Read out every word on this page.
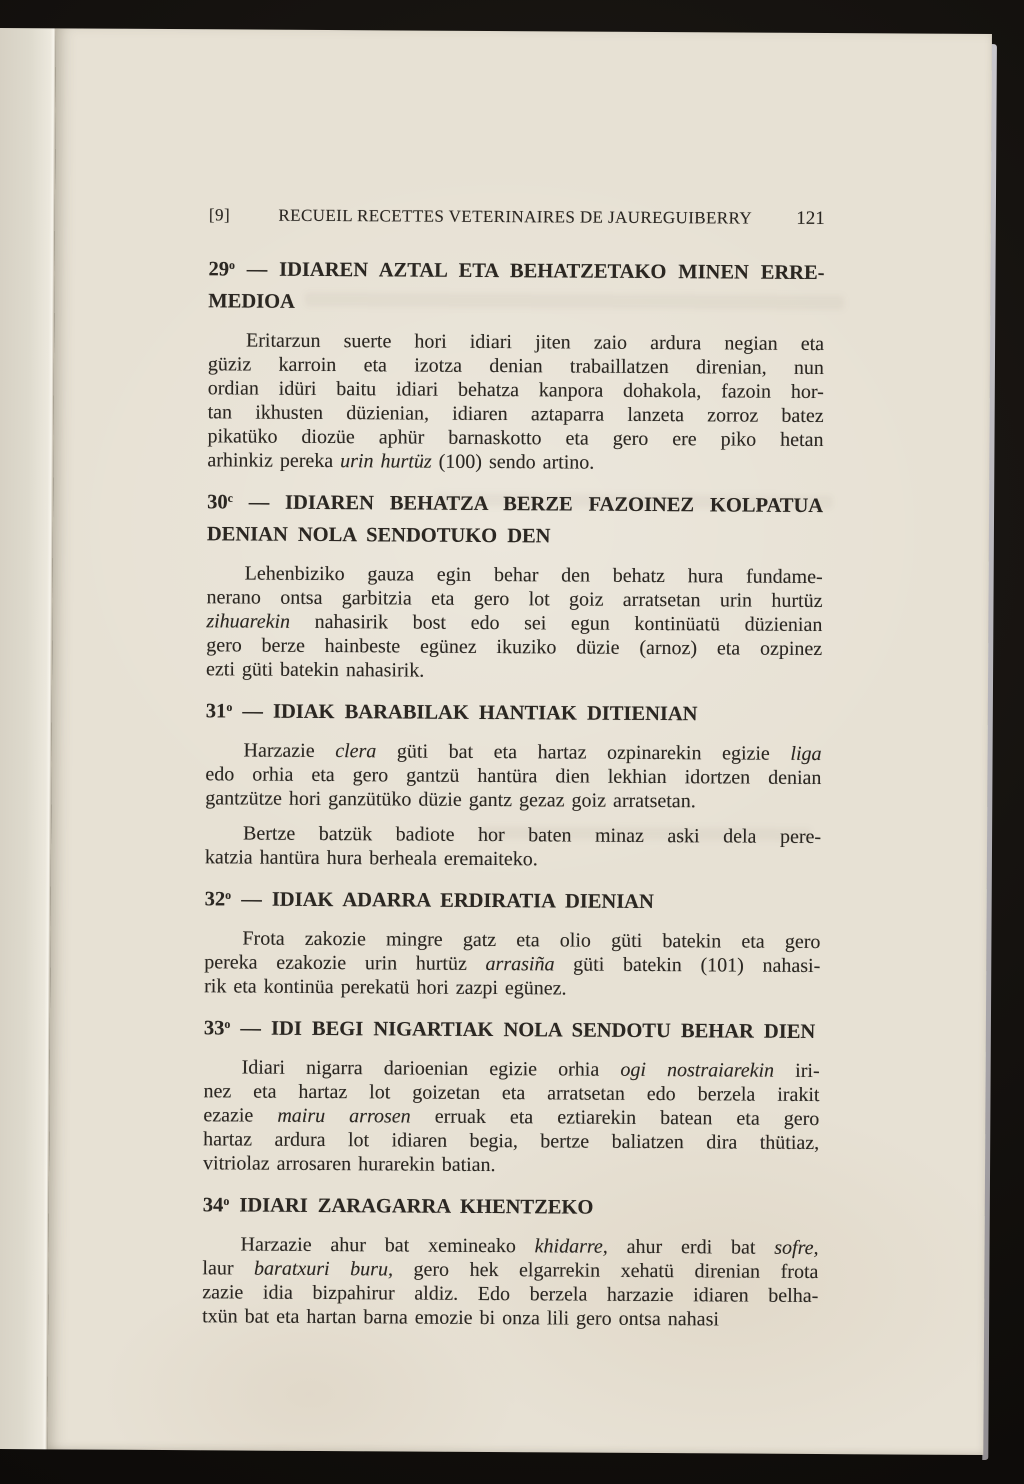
[9]	RECUEIL RECETTES VETERINAIRES DE JAUREGUIBERRY 121
29$^o$ — IDIAREN AZTAL ETA BEHATZETAKO MINEN ERRE-
MEDIOA
Eritarzun suerte hori idiari jiten zaio ardura negian eta
güziz karroin eta izotza denian trabaillatzen direnian, nun
ordian idüri baitu idiari behatza kanpora dohakola, fazoin hor-
tan ikhusten düzienian, idiaren aztaparra lanzeta zorroz batez
pikatüko diozüe aphür barnaskotto eta gero ere piko hetan
arhinkiz pereka urin hurtüz (100) sendo artino.
30$^c$ — IDIAREN BEHATZA BERZE FAZOINEZ KOLPATUA
DENIAN NOLA SENDOTUKO DEN
Lehenbiziko gauza egin behar den behatz hura fundame-
nerano ontsa garbitzia eta gero lot goiz arratsetan urin hurtüz
zihuarekin nahasirik bost edo sei egun kontinüatü düzienian
gero berze hainbeste egünez ikuziko düzie (arnoz) eta ozpinez
ezti güti batekin nahasirik.
31$^o$ — IDIAK BARABILAK HANTIAK DITIENIAN
Harzazie clera güti bat eta hartaz ozpinarekin egizie liga
edo orhia eta gero gantzü hantüra dien lekhian idortzen denian
gantzütze hori ganzütüko düzie gantz gezaz goiz arratsetan.
Bertze batzük badiote hor baten minaz aski dela pere-
katzia hantüra hura berheala eremaiteko.
32$^o$ — IDIAK ADARRA ERDIRATIA DIENIAN
Frota zakozie mingre gatz eta olio güti batekin eta gero
pereka ezakozie urin hurtüz arrasiña güti batekin (101) nahasi-
rik eta kontinüa perekatü hori zazpi egünez.
33$^o$ — IDI BEGI NIGARTIAK NOLA SENDOTU BEHAR DIEN
Idiari nigarra darioenian egizie orhia ogi nostraiarekin iri-
nez eta hartaz lot goizetan eta arratsetan edo berzela irakit
ezazie mairu arrosen erruak eta eztiarekin batean eta gero
hartaz ardura lot idiaren begia, bertze baliatzen dira thütiaz,
vitriolaz arrosaren hurarekin batian.
34$^o$ IDIARI ZARAGARRA KHENTZEKO
Harzazie ahur bat xemineako khidarre, ahur erdi bat sofre,
laur baratxuri buru, gero hek elgarrekin xehatü direnian frota
zazie idia bizpahirur aldiz. Edo berzela harzazie idiaren belha-
txün bat eta hartan barna emozie bi onza lili gero ontsa nahasi
